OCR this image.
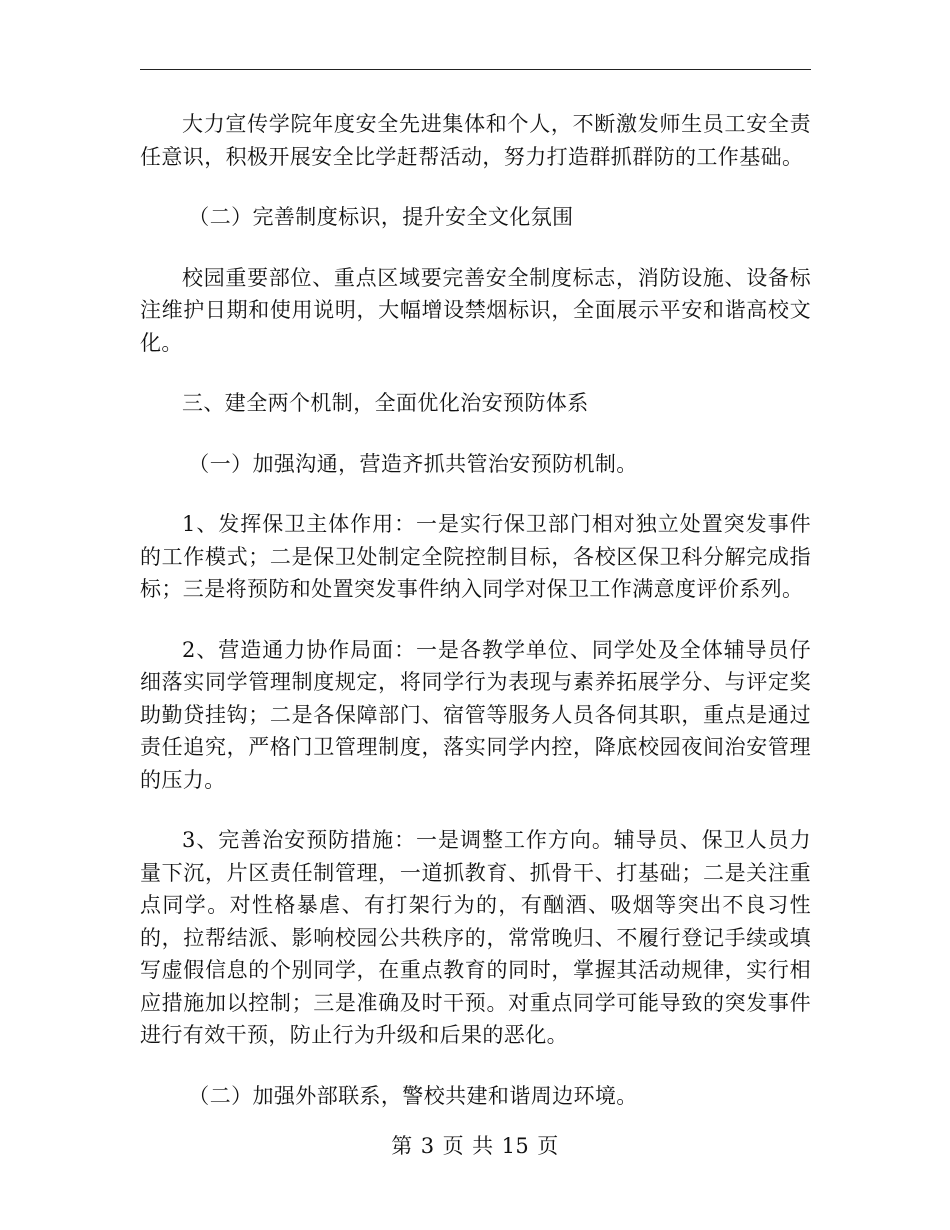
大力宣传学院年度安全先进集体和个人，不断激发师生员工安全责任意识，积极开展安全比学赶帮活动，努力打造群抓群防的工作基础。

（二）完善制度标识，提升安全文化氛围

校园重要部位、重点区域要完善安全制度标志，消防设施、设备标注维护日期和使用说明，大幅增设禁烟标识，全面展示平安和谐高校文化。

三、建全两个机制，全面优化治安预防体系

（一）加强沟通，营造齐抓共管治安预防机制。

1、发挥保卫主体作用：一是实行保卫部门相对独立处置突发事件的工作模式；二是保卫处制定全院控制目标，各校区保卫科分解完成指标；三是将预防和处置突发事件纳入同学对保卫工作满意度评价系列。

2、营造通力协作局面：一是各教学单位、同学处及全体辅导员仔细落实同学管理制度规定，将同学行为表现与素养拓展学分、与评定奖助勤贷挂钩；二是各保障部门、宿管等服务人员各伺其职，重点是通过责任追究，严格门卫管理制度，落实同学内控，降底校园夜间治安管理的压力。

3、完善治安预防措施：一是调整工作方向。辅导员、保卫人员力量下沉，片区责任制管理，一道抓教育、抓骨干、打基础；二是关注重点同学。对性格暴虐、有打架行为的，有酗酒、吸烟等突出不良习性的，拉帮结派、影响校园公共秩序的，常常晚归、不履行登记手续或填写虚假信息的个别同学，在重点教育的同时，掌握其活动规律，实行相应措施加以控制；三是准确及时干预。对重点同学可能导致的突发事件进行有效干预，防止行为升级和后果的恶化。

（二）加强外部联系，警校共建和谐周边环境。

第 3 页 共 15 页
